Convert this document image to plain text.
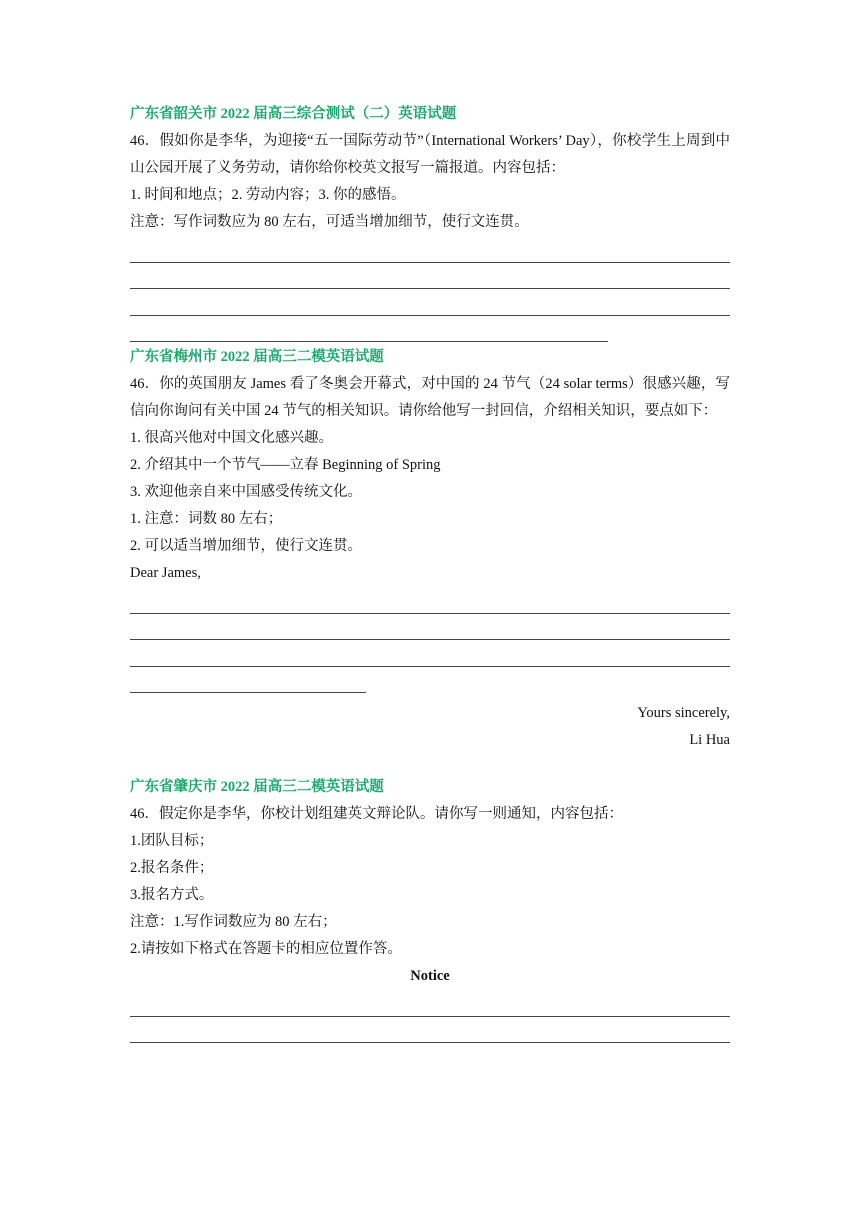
广东省韶关市 2022 届高三综合测试（二）英语试题
46．假如你是李华，为迎接“五一国际劳动节”（International Workers’ Day），你校学生上周到中山公园开展了义务劳动，请你给你校英文报写一篇报道。内容包括：
1. 时间和地点；2. 劳动内容；3. 你的感悟。
注意：写作词数应为 80 左右，可适当增加细节，使行文连贯。
广东省梅州市 2022 届高三二模英语试题
46．你的英国朋友 James 看了冬奥会开幕式，对中国的 24 节气（24 solar terms）很感兴趣，写信向你询问有关中国 24 节气的相关知识。请你给他写一封回信，介绍相关知识，要点如下：
1. 很高兴他对中国文化感兴趣。
2. 介绍其中一个节气——立春 Beginning of Spring
3. 欢迎他亲自来中国感受传统文化。
1. 注意：词数 80 左右；
2. 可以适当增加细节，使行文连贯。
Dear James,
Yours sincerely,
Li Hua
广东省肇庆市 2022 届高三二模英语试题
46．假定你是李华，你校计划组建英文辩论队。请你写一则通知，内容包括：
1.团队目标；
2.报名条件；
3.报名方式。
注意：1.写作词数应为 80 左右；
2.请按如下格式在答题卡的相应位置作答。
Notice
